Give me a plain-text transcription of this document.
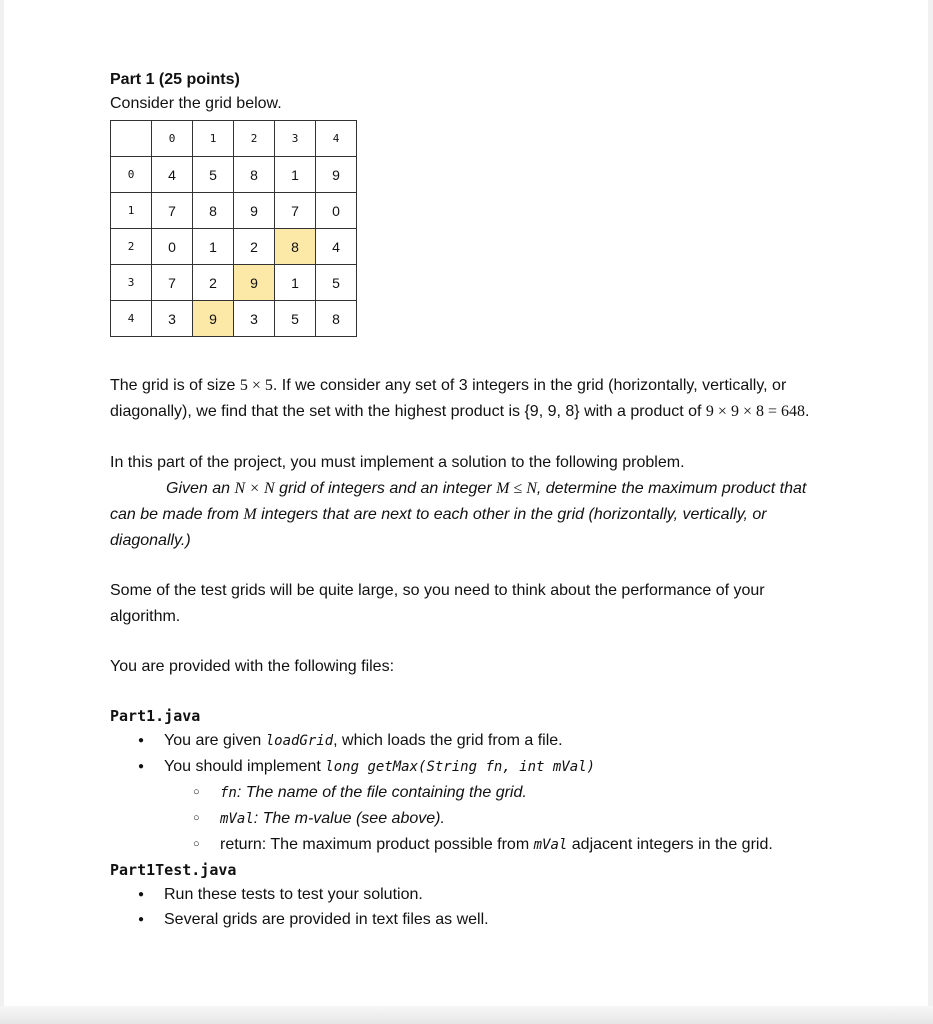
Part 1 (25 points)

Consider the grid below.

	0	1	2	3	4
0	4	5	8	1	9
1	7	8	9	7	0
2	0	1	2	8	4
3	7	2	9	1	5
4	3	9	3	5	8

The grid is of size 5 × 5. If we consider any set of 3 integers in the grid (horizontally, vertically, or diagonally), we find that the set with the highest product is {9, 9, 8} with a product of 9 × 9 × 8 = 648.

In this part of the project, you must implement a solution to the following problem.

Given an N × N grid of integers and an integer M ≤ N, determine the maximum product that can be made from M integers that are next to each other in the grid (horizontally, vertically, or diagonally.)

Some of the test grids will be quite large, so you need to think about the performance of your algorithm.

You are provided with the following files:

Part1.java

● You are given loadGrid, which loads the grid from a file.
● You should implement long getMax(String fn, int mVal)
○ fn: The name of the file containing the grid.
○ mVal: The m-value (see above).
○ return: The maximum product possible from mVal adjacent integers in the grid.

Part1Test.java

● Run these tests to test your solution.
● Several grids are provided in text files as well.
